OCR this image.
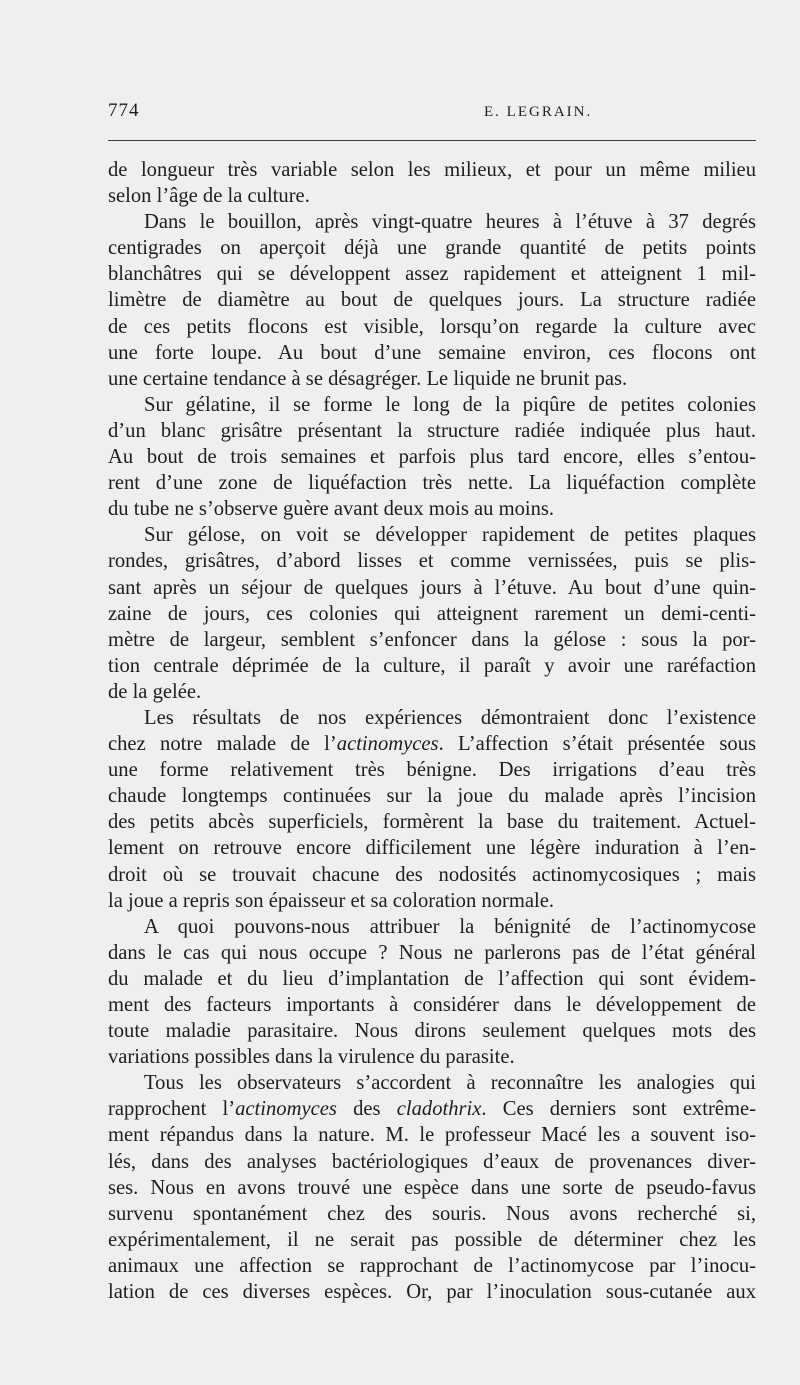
774	E. LEGRAIN.
de longueur très variable selon les milieux, et pour un même milieu
selon l’âge de la culture.
Dans le bouillon, après vingt-quatre heures à l’étuve à 37 degrés
centigrades on aperçoit déjà une grande quantité de petits points
blanchâtres qui se développent assez rapidement et atteignent 1 mil-
limètre de diamètre au bout de quelques jours. La structure radiée
de ces petits flocons est visible, lorsqu’on regarde la culture avec
une forte loupe. Au bout d’une semaine environ, ces flocons ont
une certaine tendance à se désagréger. Le liquide ne brunit pas.
Sur gélatine, il se forme le long de la piqûre de petites colonies
d’un blanc grisâtre présentant la structure radiée indiquée plus haut.
Au bout de trois semaines et parfois plus tard encore, elles s’entou-
rent d’une zone de liquéfaction très nette. La liquéfaction complète
du tube ne s’observe guère avant deux mois au moins.
Sur gélose, on voit se développer rapidement de petites plaques
rondes, grisâtres, d’abord lisses et comme vernissées, puis se plis-
sant après un séjour de quelques jours à l’étuve. Au bout d’une quin-
zaine de jours, ces colonies qui atteignent rarement un demi-centi-
mètre de largeur, semblent s’enfoncer dans la gélose : sous la por-
tion centrale déprimée de la culture, il paraît y avoir une raréfaction
de la gelée.
Les résultats de nos expériences démontraient donc l’existence
chez notre malade de l’actinomyces. L’affection s’était présentée sous
une forme relativement très bénigne. Des irrigations d’eau très
chaude longtemps continuées sur la joue du malade après l’incision
des petits abcès superficiels, formèrent la base du traitement. Actuel-
lement on retrouve encore difficilement une légère induration à l’en-
droit où se trouvait chacune des nodosités actinomycosiques ; mais
la joue a repris son épaisseur et sa coloration normale.
A quoi pouvons-nous attribuer la bénignité de l’actinomycose
dans le cas qui nous occupe ? Nous ne parlerons pas de l’état général
du malade et du lieu d’implantation de l’affection qui sont évidem-
ment des facteurs importants à considérer dans le développement de
toute maladie parasitaire. Nous dirons seulement quelques mots des
variations possibles dans la virulence du parasite.
Tous les observateurs s’accordent à reconnaître les analogies qui
rapprochent l’actinomyces des cladothrix. Ces derniers sont extrême-
ment répandus dans la nature. M. le professeur Macé les a souvent iso-
lés, dans des analyses bactériologiques d’eaux de provenances diver-
ses. Nous en avons trouvé une espèce dans une sorte de pseudo-favus
survenu spontanément chez des souris. Nous avons recherché si,
expérimentalement, il ne serait pas possible de déterminer chez les
animaux une affection se rapprochant de l’actinomycose par l’inocu-
lation de ces diverses espèces. Or, par l’inoculation sous-cutanée aux
